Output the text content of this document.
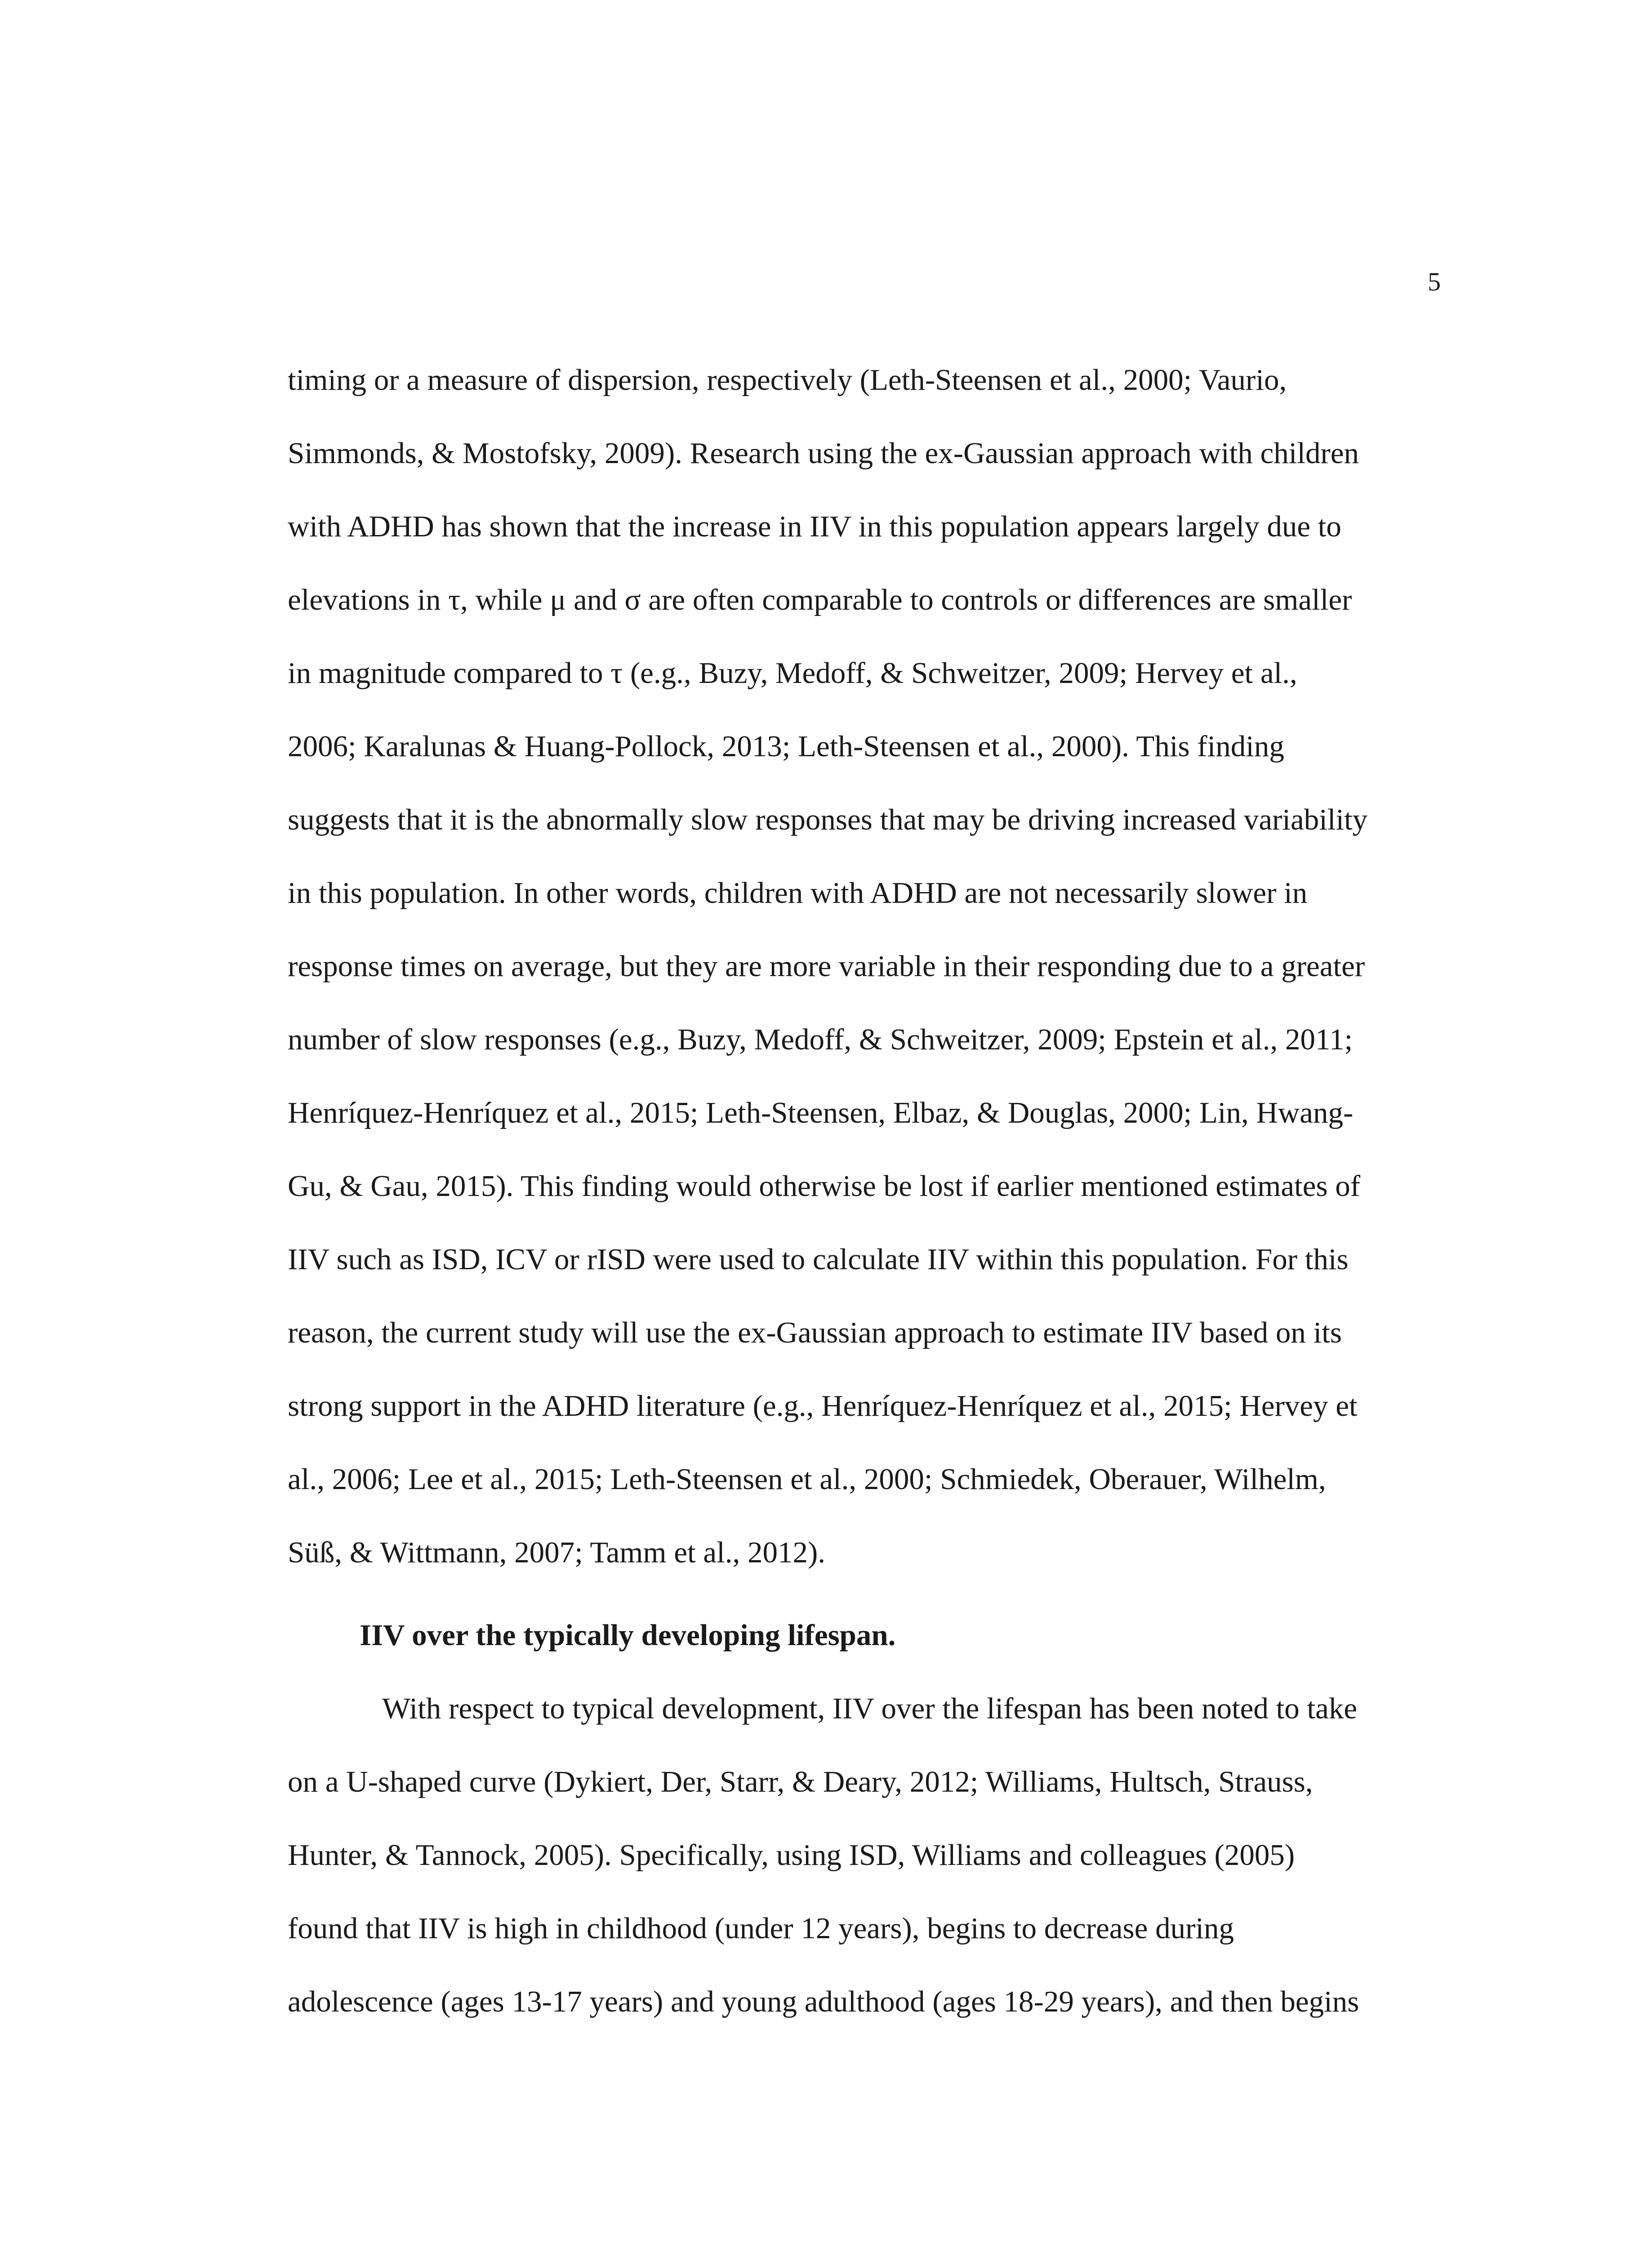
5
timing or a measure of dispersion, respectively (Leth-Steensen et al., 2000; Vaurio,
Simmonds, & Mostofsky, 2009). Research using the ex-Gaussian approach with children
with ADHD has shown that the increase in IIV in this population appears largely due to
elevations in τ, while μ and σ are often comparable to controls or differences are smaller
in magnitude compared to τ (e.g., Buzy, Medoff, & Schweitzer, 2009; Hervey et al.,
2006; Karalunas & Huang-Pollock, 2013; Leth-Steensen et al., 2000). This finding
suggests that it is the abnormally slow responses that may be driving increased variability
in this population. In other words, children with ADHD are not necessarily slower in
response times on average, but they are more variable in their responding due to a greater
number of slow responses (e.g., Buzy, Medoff, & Schweitzer, 2009; Epstein et al., 2011;
Henríquez-Henríquez et al., 2015; Leth-Steensen, Elbaz, & Douglas, 2000; Lin, Hwang-
Gu, & Gau, 2015). This finding would otherwise be lost if earlier mentioned estimates of
IIV such as ISD, ICV or rISD were used to calculate IIV within this population. For this
reason, the current study will use the ex-Gaussian approach to estimate IIV based on its
strong support in the ADHD literature (e.g., Henríquez-Henríquez et al., 2015; Hervey et
al., 2006; Lee et al., 2015; Leth-Steensen et al., 2000; Schmiedek, Oberauer, Wilhelm,
Süß, & Wittmann, 2007; Tamm et al., 2012).
IIV over the typically developing lifespan.
With respect to typical development, IIV over the lifespan has been noted to take
on a U-shaped curve (Dykiert, Der, Starr, & Deary, 2012; Williams, Hultsch, Strauss,
Hunter, & Tannock, 2005). Specifically, using ISD, Williams and colleagues (2005)
found that IIV is high in childhood (under 12 years), begins to decrease during
adolescence (ages 13-17 years) and young adulthood (ages 18-29 years), and then begins
